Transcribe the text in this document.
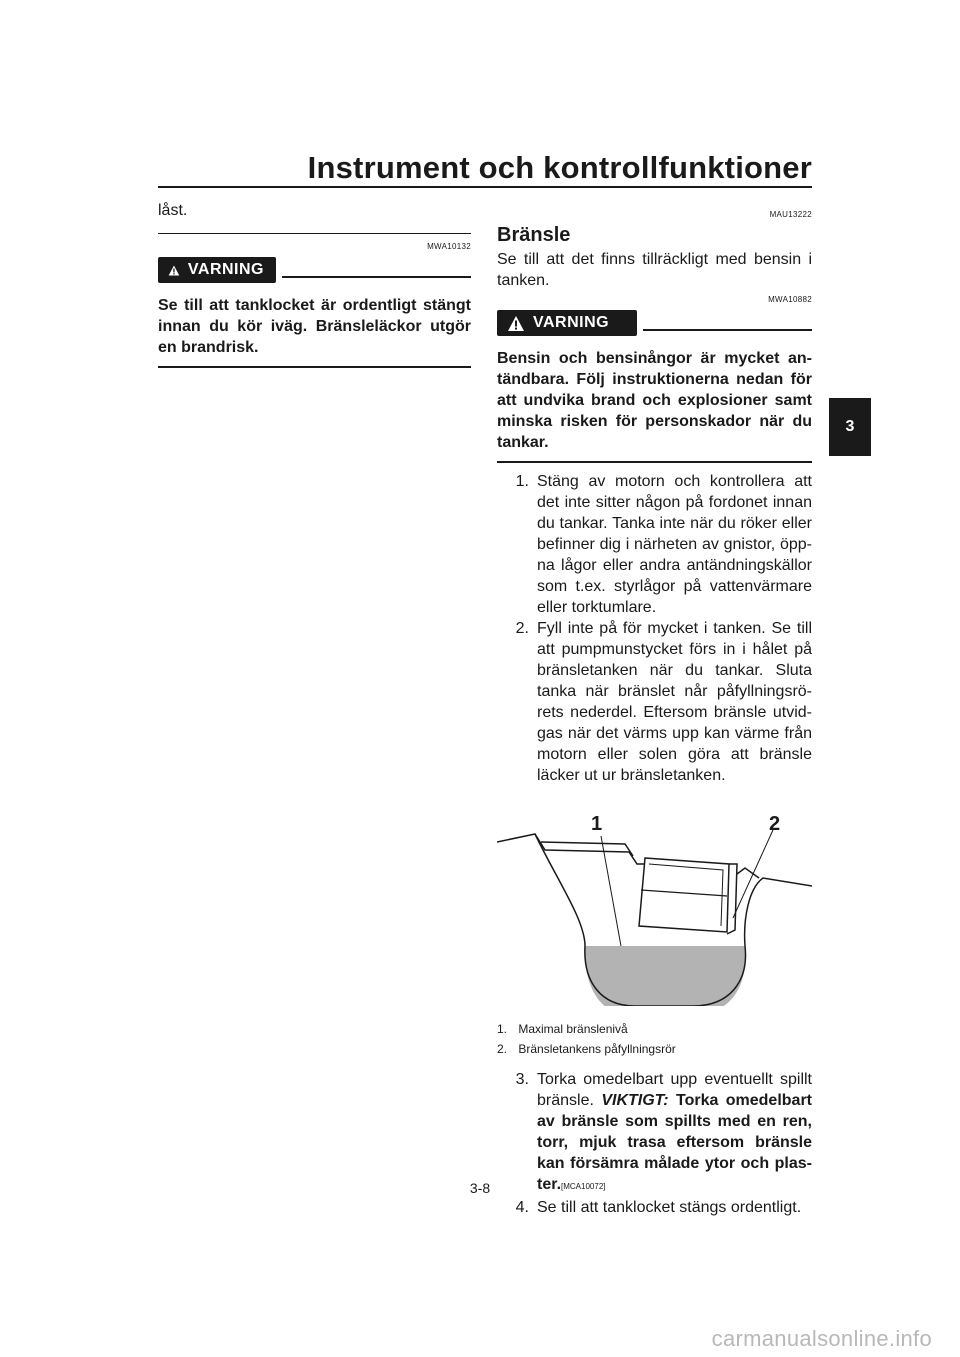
Instrument och kontrollfunktioner
3
låst.
MWA10132
VARNING
Se till att tanklocket är ordentligt stängt innan du kör iväg. Bränsleläckor utgör en brandrisk.
MAU13222
Bränsle
Se till att det finns tillräckligt med bensin i tanken.
MWA10882
VARNING
Bensin och bensinångor är mycket antändbara. Följ instruktionerna nedan för att undvika brand och explosioner samt minska risken för personskador när du tankar.
1. Stäng av motorn och kontrollera att det inte sitter någon på fordonet innan du tankar. Tanka inte när du röker eller befinner dig i närheten av gnistor, öppna lågor eller andra antändningskällor som t.ex. styrlågor på vattenvärmare eller torktumlare.
2. Fyll inte på för mycket i tanken. Se till att pumpmunstycket förs in i hålet på bränsletanken när du tankar. Sluta tanka när bränslet når påfyllningsrörets nederdel. Eftersom bränsle utvidgas när det värms upp kan värme från motorn eller solen göra att bränsle läcker ut ur bränsletanken.
1	2
1. Maximal bränslenivå
2. Bränsletankens påfyllningsrör
3. Torka omedelbart upp eventuellt spillt bränsle. VIKTIGT: Torka omedelbart av bränsle som spillts med en ren, torr, mjuk trasa eftersom bränsle kan försämra målade ytor och plaster.[MCA10072]
4. Se till att tanklocket stängs ordentligt.
3-8
carmanualsonline.info
